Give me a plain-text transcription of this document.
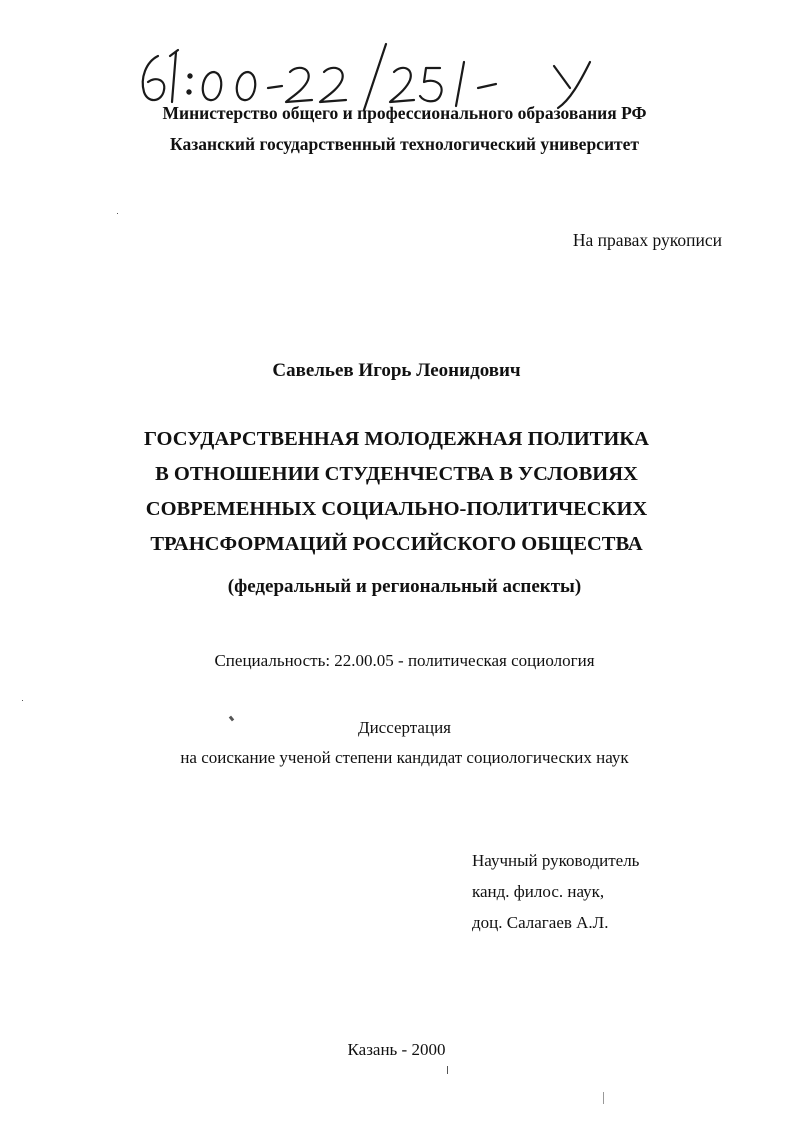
Министерство общего и профессионального образования РФ
Казанский государственный технологический университет
На правах рукописи
Савельев Игорь Леонидович
ГОСУДАРСТВЕННАЯ МОЛОДЕЖНАЯ ПОЛИТИКА
В ОТНОШЕНИИ СТУДЕНЧЕСТВА В УСЛОВИЯХ
СОВРЕМЕННЫХ СОЦИАЛЬНО-ПОЛИТИЧЕСКИХ
ТРАНСФОРМАЦИЙ РОССИЙСКОГО ОБЩЕСТВА
(федеральный и региональный аспекты)
Специальность: 22.00.05 - политическая социология
Диссертация
на соискание ученой степени кандидат социологических наук
Научный руководитель
канд. филос. наук,
доц. Салагаев А.Л.
Казань - 2000
